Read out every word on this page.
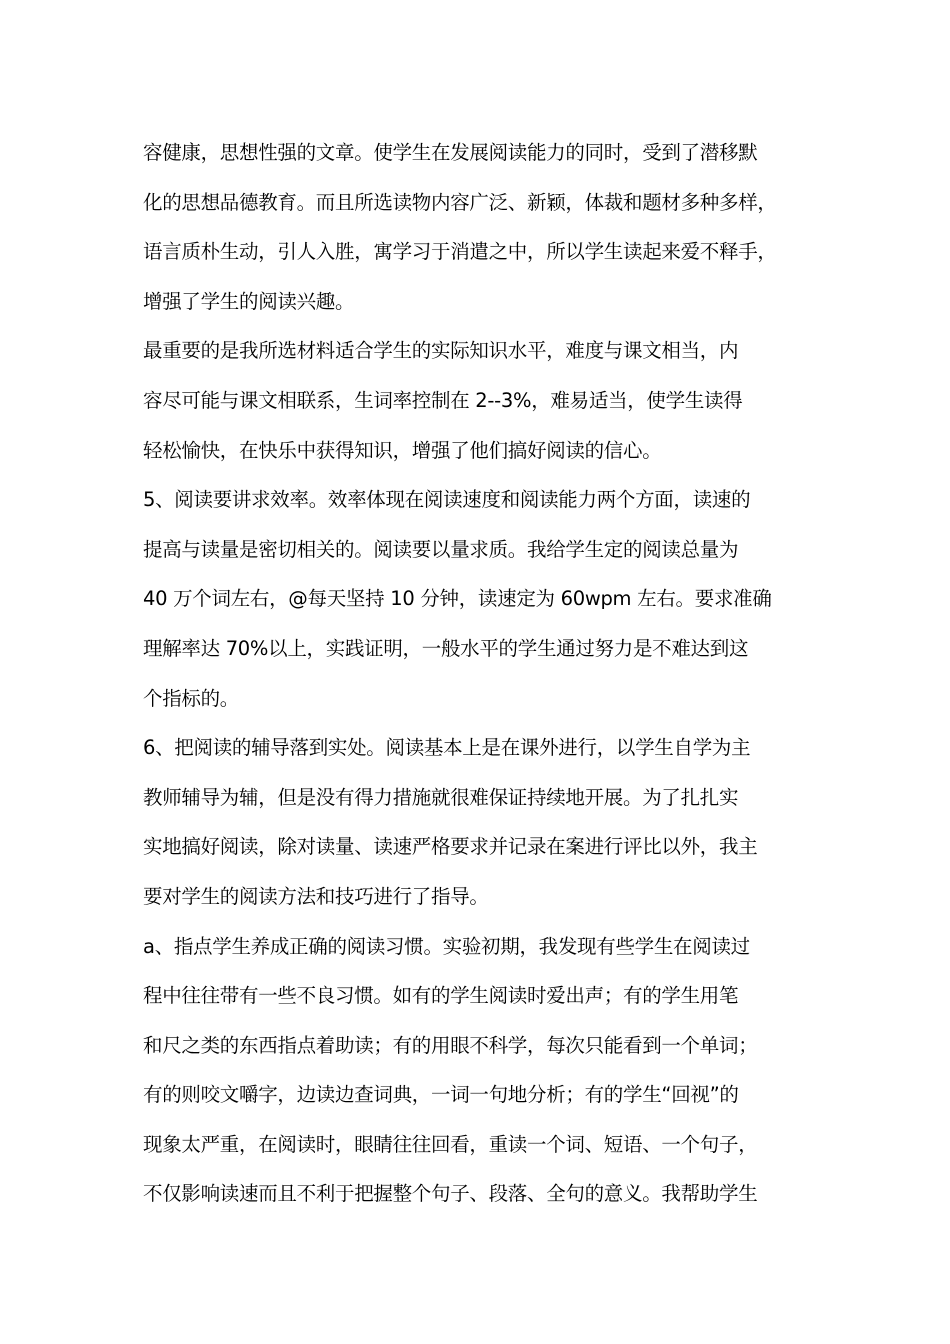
容健康，思想性强的文章。使学生在发展阅读能力的同时，受到了潜移默
化的思想品德教育。而且所选读物内容广泛、新颖，体裁和题材多种多样，
语言质朴生动，引人入胜，寓学习于消遣之中，所以学生读起来爱不释手，
增强了学生的阅读兴趣。
最重要的是我所选材料适合学生的实际知识水平，难度与课文相当，内
容尽可能与课文相联系，生词率控制在 2--3%，难易适当，使学生读得
轻松愉快，在快乐中获得知识，增强了他们搞好阅读的信心。
5、阅读要讲求效率。效率体现在阅读速度和阅读能力两个方面，读速的
提高与读量是密切相关的。阅读要以量求质。我给学生定的阅读总量为
40 万个词左右，@每天坚持 10 分钟，读速定为 60wpm 左右。要求准确
理解率达 70%以上，实践证明，一般水平的学生通过努力是不难达到这
个指标的。
6、把阅读的辅导落到实处。阅读基本上是在课外进行，以学生自学为主
教师辅导为辅，但是没有得力措施就很难保证持续地开展。为了扎扎实
实地搞好阅读，除对读量、读速严格要求并记录在案进行评比以外，我主
要对学生的阅读方法和技巧进行了指导。
a、指点学生养成正确的阅读习惯。实验初期，我发现有些学生在阅读过
程中往往带有一些不良习惯。如有的学生阅读时爱出声；有的学生用笔
和尺之类的东西指点着助读；有的用眼不科学，每次只能看到一个单词；
有的则咬文嚼字，边读边查词典，一词一句地分析；有的学生“回视”的
现象太严重，在阅读时，眼睛往往回看，重读一个词、短语、一个句子，
不仅影响读速而且不利于把握整个句子、段落、全句的意义。我帮助学生
